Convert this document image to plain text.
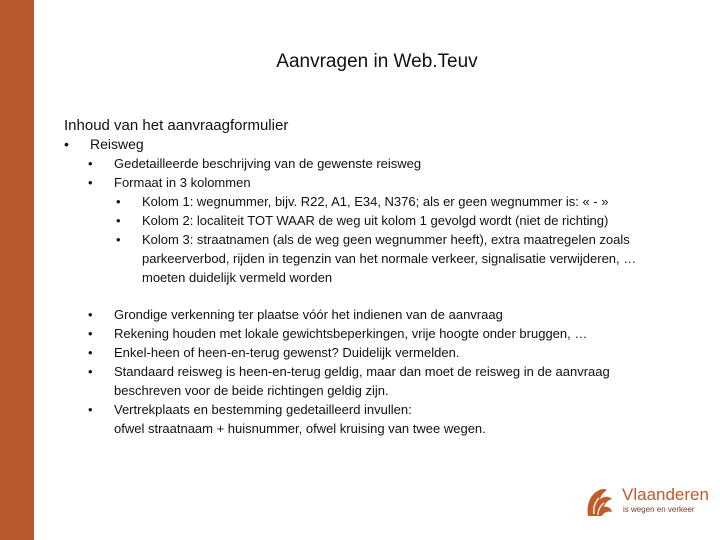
Aanvragen in Web.Teuv

Inhoud van het aanvraagformulier

• Reisweg
• Gedetailleerde beschrijving van de gewenste reisweg
• Formaat in 3 kolommen
• Kolom 1: wegnummer, bijv. R22, A1, E34, N376; als er geen wegnummer is: « - »
• Kolom 2: localiteit TOT WAAR de weg uit kolom 1 gevolgd wordt (niet de richting)
• Kolom 3: straatnamen (als de weg geen wegnummer heeft), extra maatregelen zoals parkeerverbod, rijden in tegenzin van het normale verkeer, signalisatie verwijderen, … moeten duidelijk vermeld worden
• Grondige verkenning ter plaatse vóór het indienen van de aanvraag
• Rekening houden met lokale gewichtsbeperkingen, vrije hoogte onder bruggen, …
• Enkel-heen of heen-en-terug gewenst? Duidelijk vermelden.
• Standaard reisweg is heen-en-terug geldig, maar dan moet de reisweg in de aanvraag beschreven voor de beide richtingen geldig zijn.
• Vertrekplaats en bestemming gedetailleerd invullen:
ofwel straatnaam + huisnummer, ofwel kruising van twee wegen.
Vlaanderen
is wegen en verkeer
